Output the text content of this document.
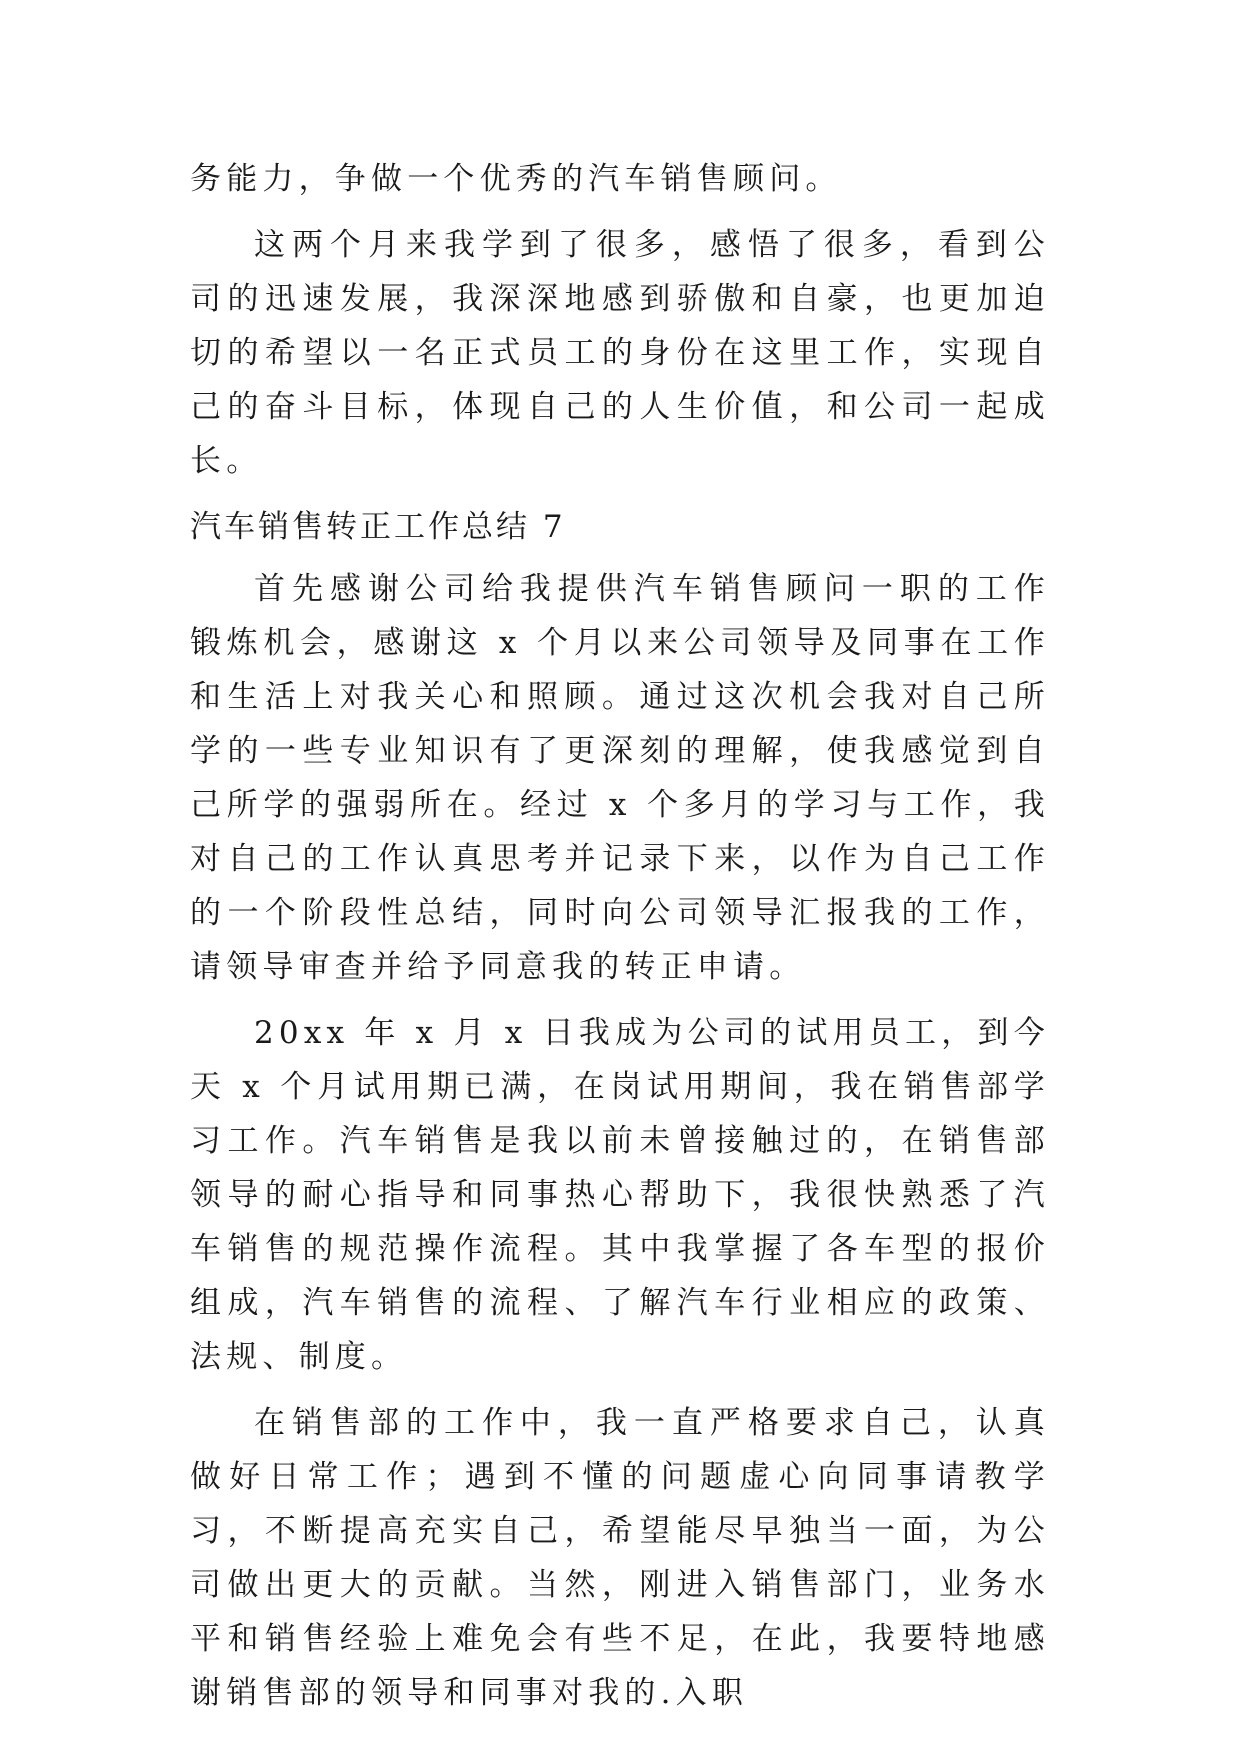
务能力，争做一个优秀的汽车销售顾问。

这两个月来我学到了很多，感悟了很多，看到公司的迅速发展，我深深地感到骄傲和自豪，也更加迫切的希望以一名正式员工的身份在这里工作，实现自己的奋斗目标，体现自己的人生价值，和公司一起成长。

汽车销售转正工作总结 7

首先感谢公司给我提供汽车销售顾问一职的工作锻炼机会，感谢这 x 个月以来公司领导及同事在工作和生活上对我关心和照顾。通过这次机会我对自己所学的一些专业知识有了更深刻的理解，使我感觉到自己所学的强弱所在。经过 x 个多月的学习与工作，我对自己的工作认真思考并记录下来，以作为自己工作的一个阶段性总结，同时向公司领导汇报我的工作，请领导审查并给予同意我的转正申请。

20xx 年 x 月 x 日我成为公司的试用员工，到今天 x 个月试用期已满，在岗试用期间，我在销售部学习工作。汽车销售是我以前未曾接触过的，在销售部领导的耐心指导和同事热心帮助下，我很快熟悉了汽车销售的规范操作流程。其中我掌握了各车型的报价组成，汽车销售的流程、了解汽车行业相应的政策、法规、制度。

在销售部的工作中，我一直严格要求自己，认真做好日常工作；遇到不懂的问题虚心向同事请教学习，不断提高充实自己，希望能尽早独当一面，为公司做出更大的贡献。当然，刚进入销售部门，业务水平和销售经验上难免会有些不足，在此，我要特地感谢销售部的领导和同事对我的.入职
